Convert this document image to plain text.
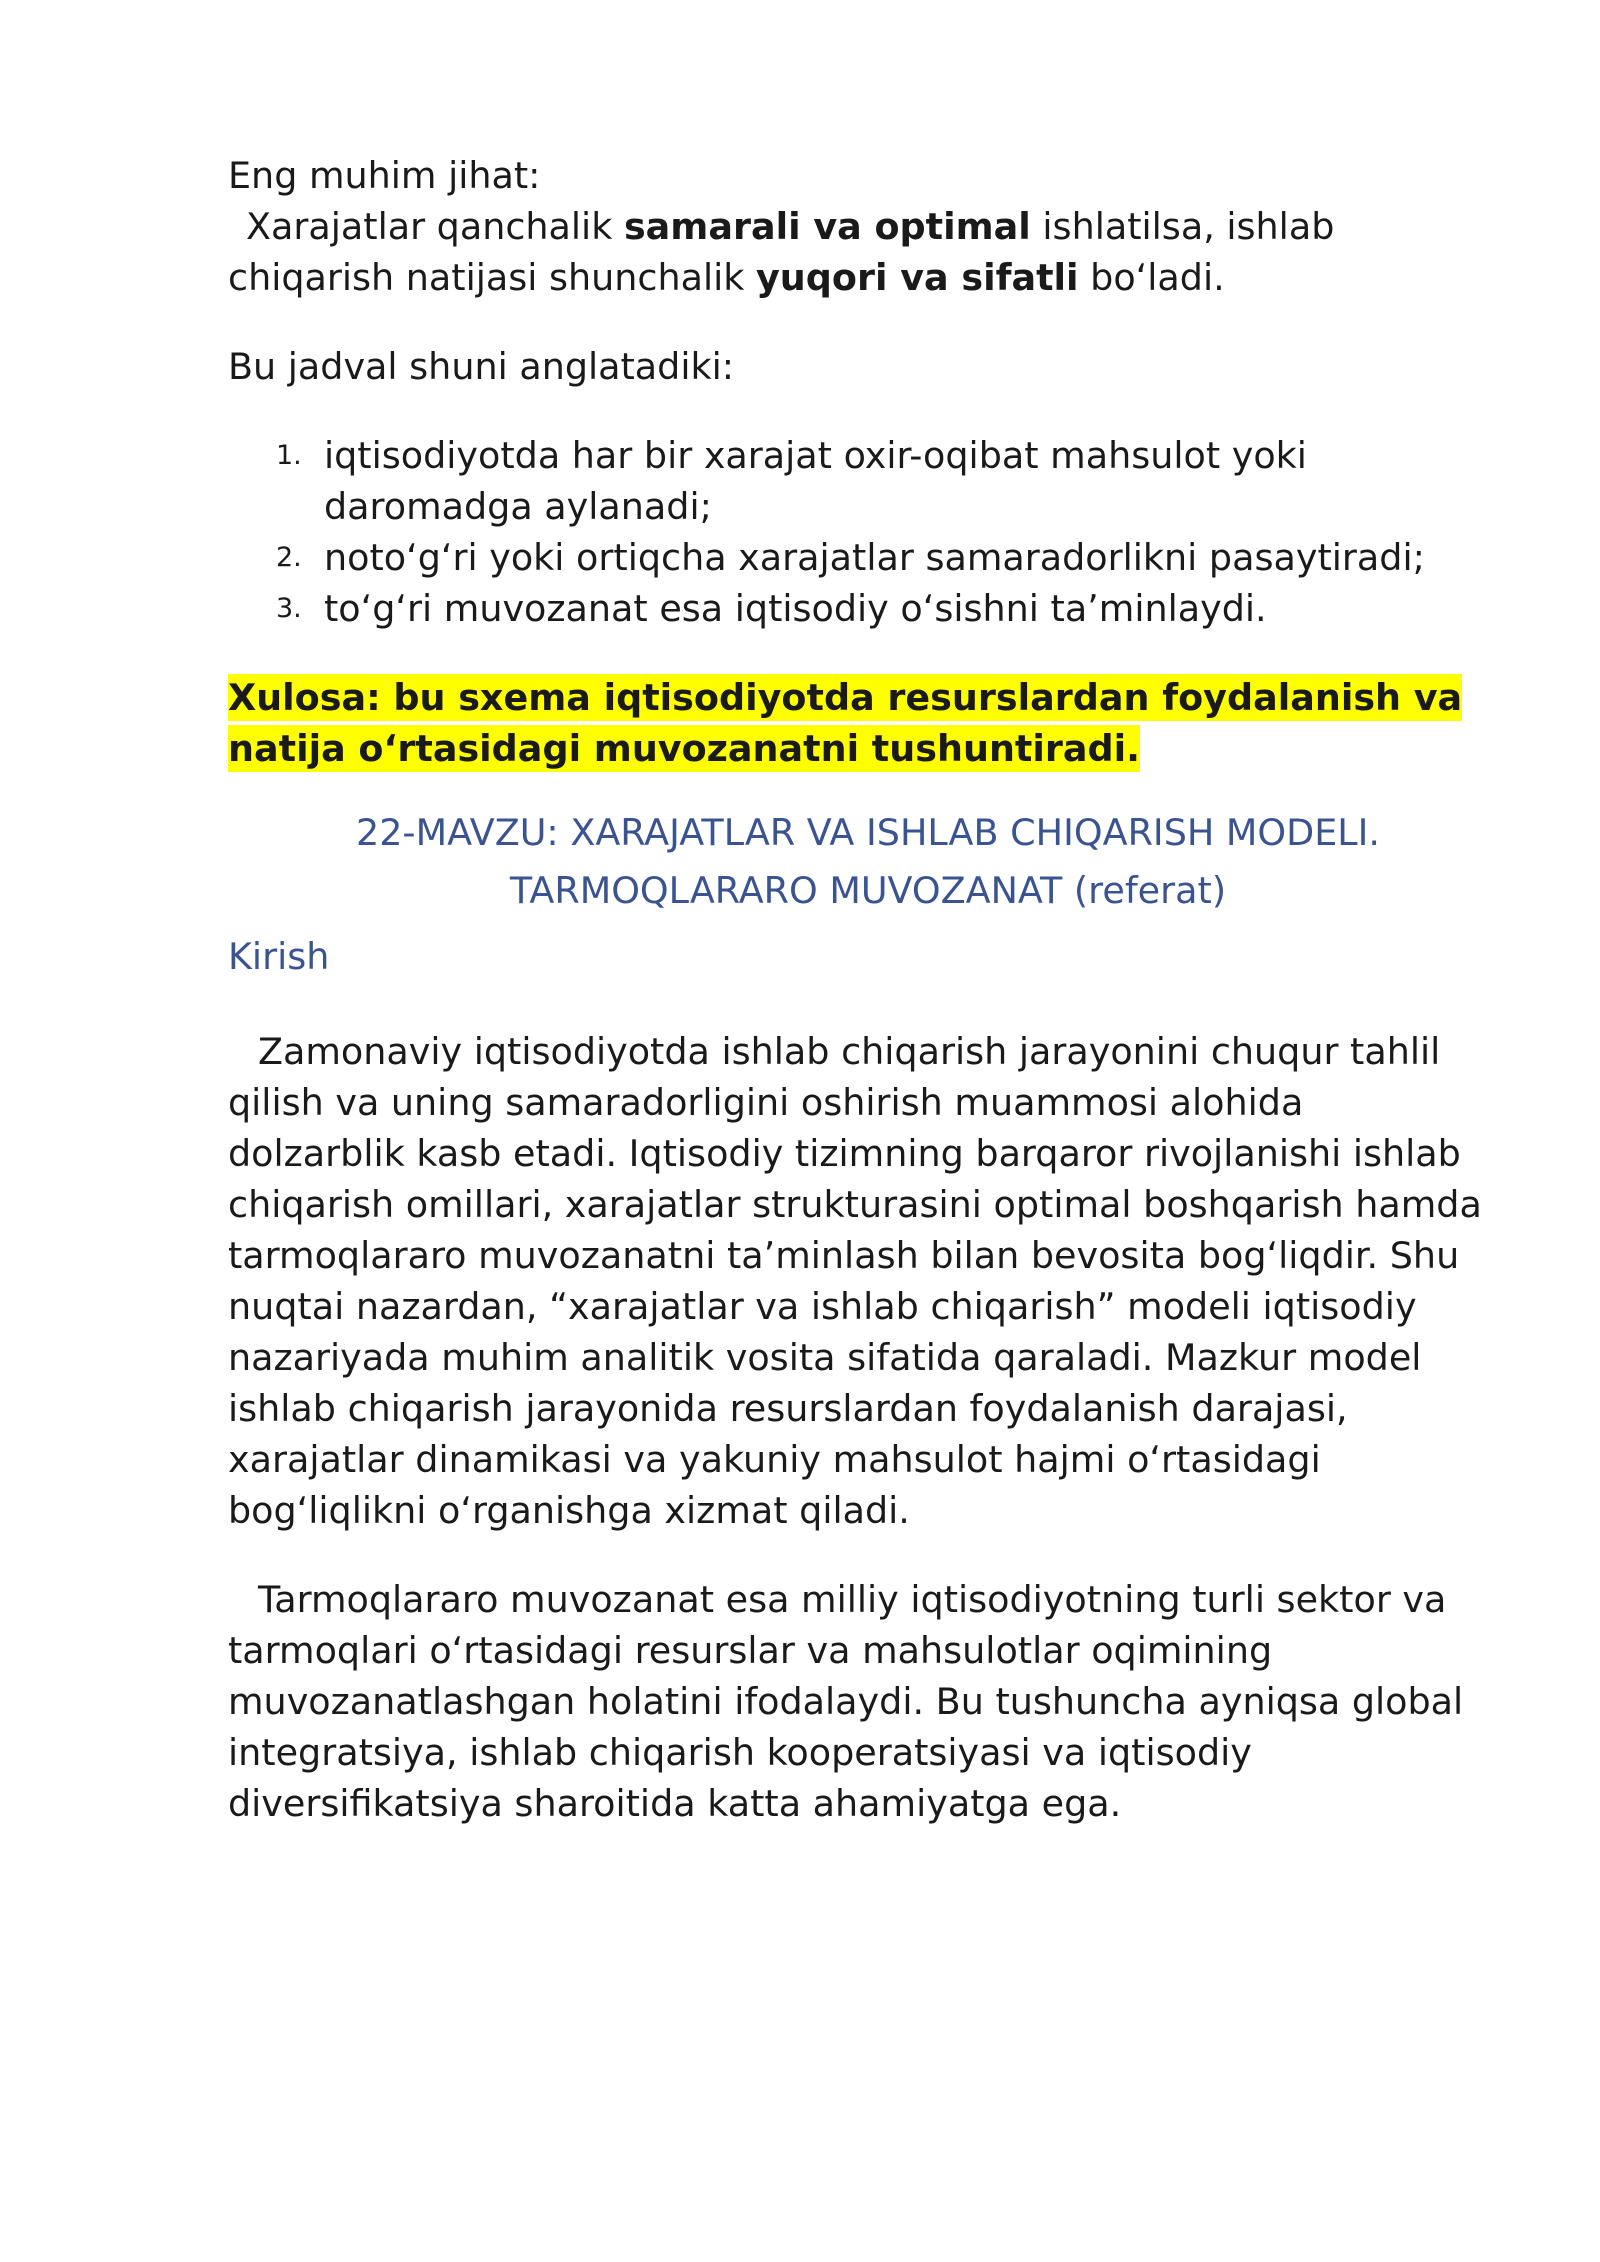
Eng muhim jihat:

Xarajatlar qanchalik samarali va optimal ishlatilsa, ishlab chiqarish natijasi shunchalik yuqori va sifatli bo‘ladi.

Bu jadval shuni anglatadiki:

1. iqtisodiyotda har bir xarajat oxir-oqibat mahsulot yoki daromadga aylanadi;
2. noto‘g‘ri yoki ortiqcha xarajatlar samaradorlikni pasaytiradi;
3. to‘g‘ri muvozanat esa iqtisodiy o‘sishni ta’minlaydi.

Xulosa: bu sxema iqtisodiyotda resurslardan foydalanish va natija o‘rtasidagi muvozanatni tushuntiradi.

22-MAVZU: XARAJATLAR VA ISHLAB CHIQARISH MODELI.
TARMOQLARARO MUVOZANAT (referat)

Kirish

Zamonaviy iqtisodiyotda ishlab chiqarish jarayonini chuqur tahlil qilish va uning samaradorligini oshirish muammosi alohida dolzarblik kasb etadi. Iqtisodiy tizimning barqaror rivojlanishi ishlab chiqarish omillari, xarajatlar strukturasini optimal boshqarish hamda tarmoqlararo muvozanatni ta’minlash bilan bevosita bog‘liqdir. Shu nuqtai nazardan, “xarajatlar va ishlab chiqarish” modeli iqtisodiy nazariyada muhim analitik vosita sifatida qaraladi. Mazkur model ishlab chiqarish jarayonida resurslardan foydalanish darajasi, xarajatlar dinamikasi va yakuniy mahsulot hajmi o‘rtasidagi bog‘liqlikni o‘rganishga xizmat qiladi.

Tarmoqlararo muvozanat esa milliy iqtisodiyotning turli sektor va tarmoqlari o‘rtasidagi resurslar va mahsulotlar oqimining muvozanatlashgan holatini ifodalaydi. Bu tushuncha ayniqsa global integratsiya, ishlab chiqarish kooperatsiyasi va iqtisodiy diversifikatsiya sharoitida katta ahamiyatga ega.
